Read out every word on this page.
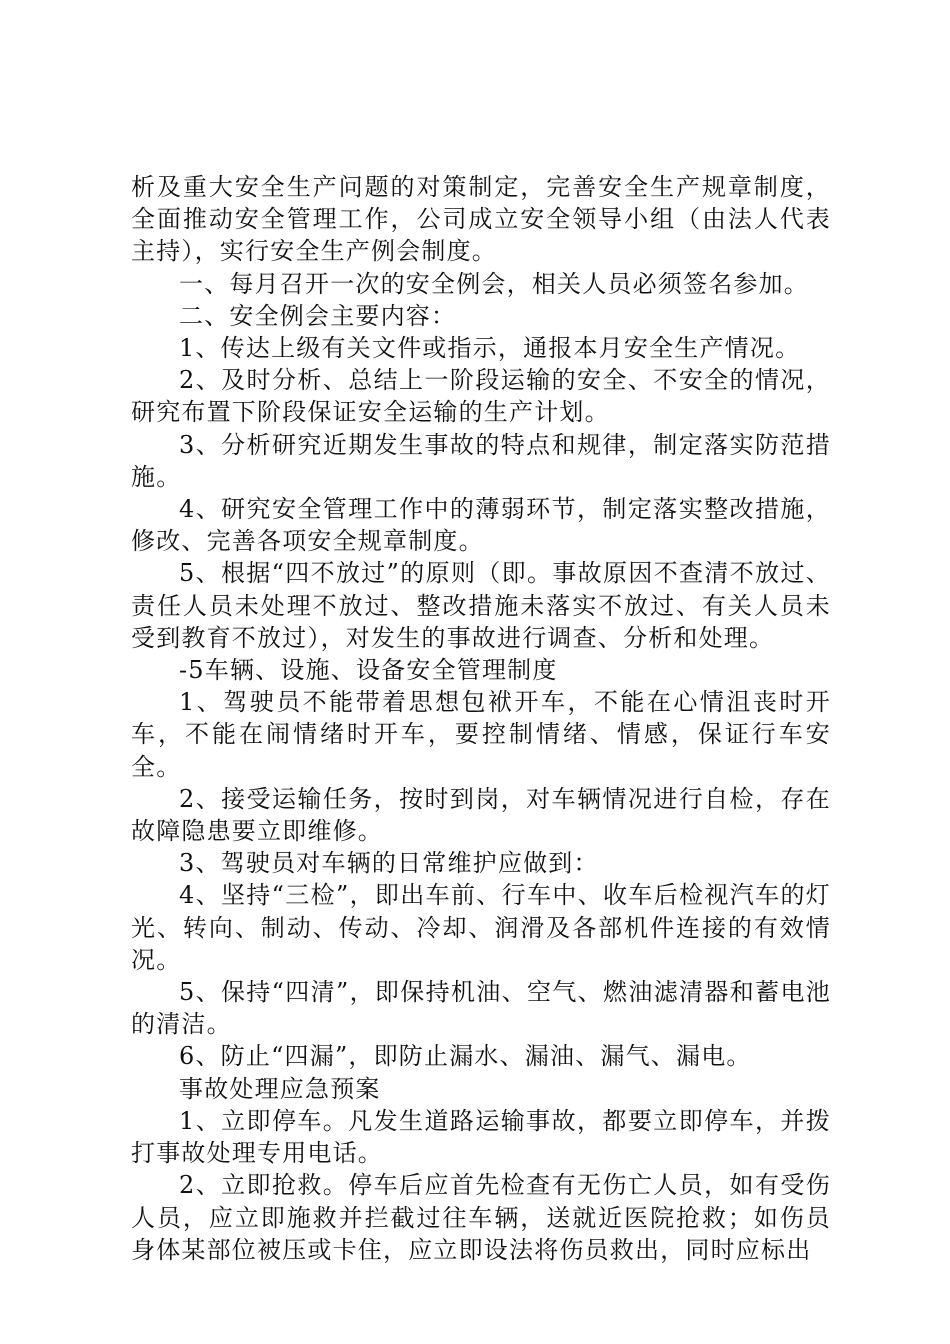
析及重大安全生产问题的对策制定，完善安全生产规章制度，全面推动安全管理工作，公司成立安全领导小组（由法人代表主持），实行安全生产例会制度。

一、每月召开一次的安全例会，相关人员必须签名参加。

二、安全例会主要内容：

1、传达上级有关文件或指示，通报本月安全生产情况。

2、及时分析、总结上一阶段运输的安全、不安全的情况，研究布置下阶段保证安全运输的生产计划。

3、分析研究近期发生事故的特点和规律，制定落实防范措施。

4、研究安全管理工作中的薄弱环节，制定落实整改措施，修改、完善各项安全规章制度。

5、根据“四不放过”的原则（即。事故原因不查清不放过、责任人员未处理不放过、整改措施未落实不放过、有关人员未受到教育不放过），对发生的事故进行调查、分析和处理。

-5车辆、设施、设备安全管理制度

1、驾驶员不能带着思想包袱开车，不能在心情沮丧时开车，不能在闹情绪时开车，要控制情绪、情感，保证行车安全。

2、接受运输任务，按时到岗，对车辆情况进行自检，存在故障隐患要立即维修。

3、驾驶员对车辆的日常维护应做到：

4、坚持“三检”，即出车前、行车中、收车后检视汽车的灯光、转向、制动、传动、冷却、润滑及各部机件连接的有效情况。

5、保持“四清”，即保持机油、空气、燃油滤清器和蓄电池的清洁。

6、防止“四漏”，即防止漏水、漏油、漏气、漏电。

事故处理应急预案

1、立即停车。凡发生道路运输事故，都要立即停车，并拨打事故处理专用电话。

2、立即抢救。停车后应首先检查有无伤亡人员，如有受伤人员，应立即施救并拦截过往车辆，送就近医院抢救；如伤员身体某部位被压或卡住，应立即设法将伤员救出，同时应标出
